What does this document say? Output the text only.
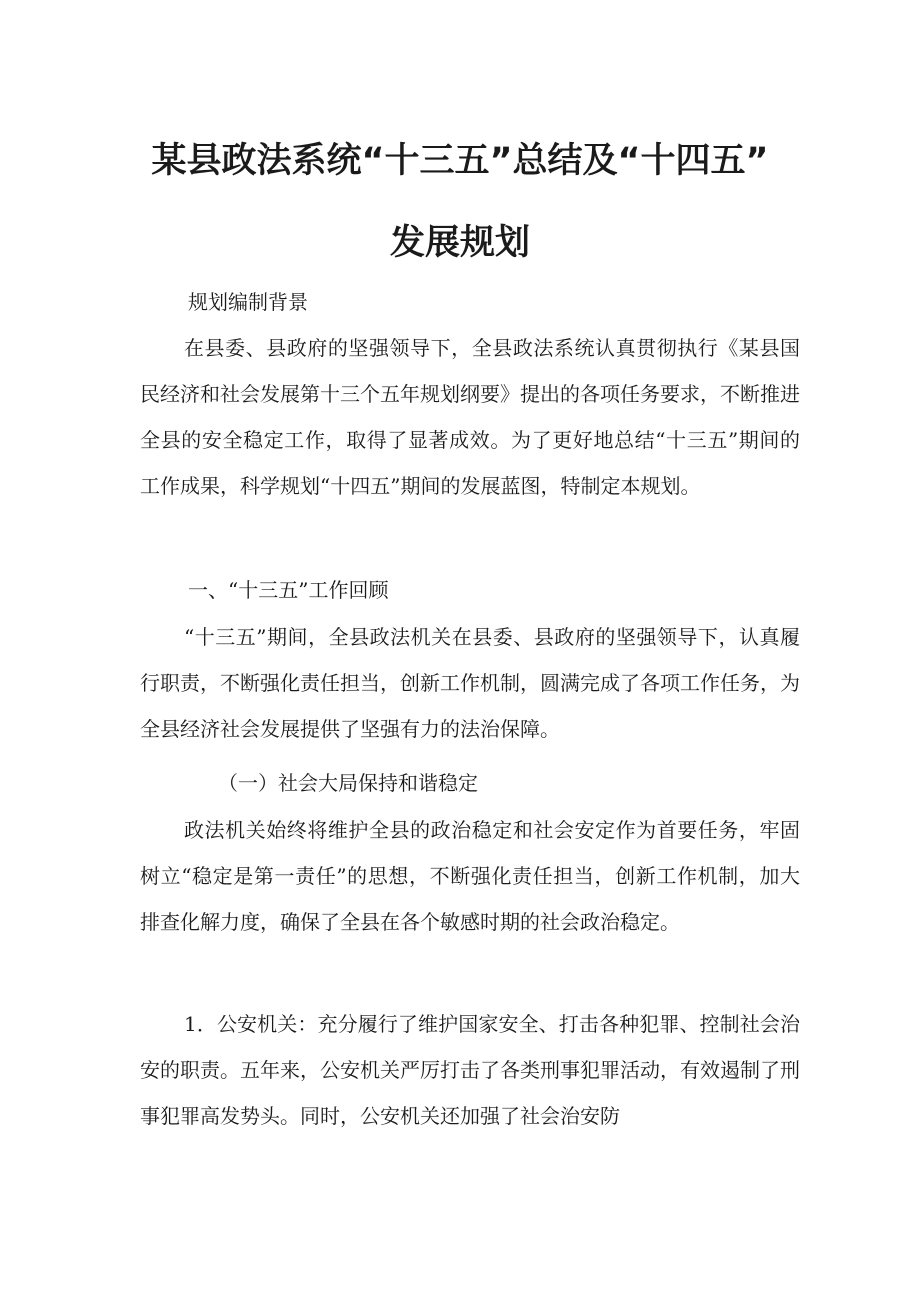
某县政法系统“十三五”总结及“十四五”
发展规划

规划编制背景

在县委、县政府的坚强领导下，全县政法系统认真贯彻执行《某县国民经济和社会发展第十三个五年规划纲要》提出的各项任务要求，不断推进全县的安全稳定工作，取得了显著成效。为了更好地总结“十三五”期间的工作成果，科学规划“十四五”期间的发展蓝图，特制定本规划。

一、“十三五”工作回顾

“十三五”期间，全县政法机关在县委、县政府的坚强领导下，认真履行职责，不断强化责任担当，创新工作机制，圆满完成了各项工作任务，为全县经济社会发展提供了坚强有力的法治保障。

（一）社会大局保持和谐稳定

政法机关始终将维护全县的政治稳定和社会安定作为首要任务，牢固树立“稳定是第一责任”的思想，不断强化责任担当，创新工作机制，加大排查化解力度，确保了全县在各个敏感时期的社会政治稳定。

1．公安机关：充分履行了维护国家安全、打击各种犯罪、控制社会治安的职责。五年来，公安机关严厉打击了各类刑事犯罪活动，有效遏制了刑事犯罪高发势头。同时，公安机关还加强了社会治安防
